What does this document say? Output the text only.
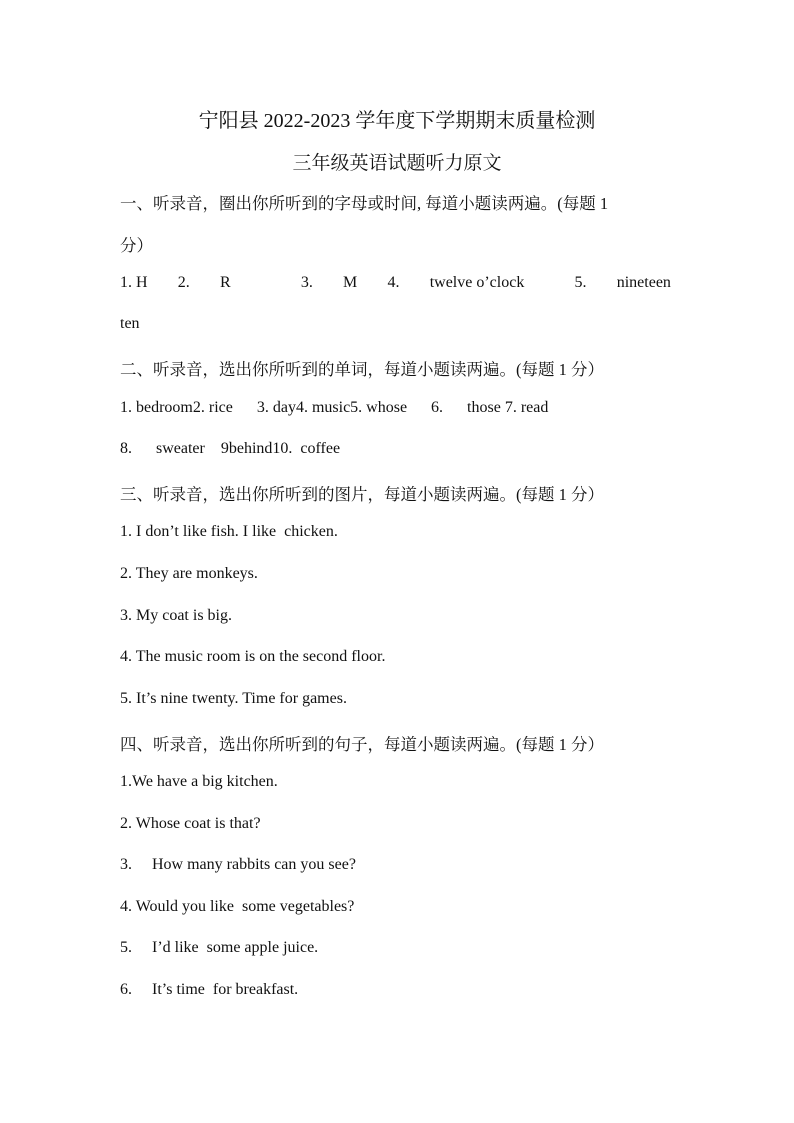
宁阳县 2022-2023 学年度下学期期末质量检测
三年级英语试题听力原文
一、听录音，圈出你所听到的字母或时间, 每道小题读两遍。(每题 1
分）
1. H 2. R	3. M 4. twelve o’clock	5. nineteen
ten
二、听录音，选出你所听到的单词，每道小题读两遍。(每题 1 分）
1. bedroom2. rice      3. day4. music5. whose      6.      those 7. read
8.      sweater    9behind10.  coffee
三、听录音，选出你所听到的图片，每道小题读两遍。(每题 1 分）
1. I don’t like fish. I like  chicken.
2. They are monkeys.
3. My coat is big.
4. The music room is on the second floor.
5. It’s nine twenty. Time for games.
四、听录音，选出你所听到的句子，每道小题读两遍。(每题 1 分）
1.We have a big kitchen.
2. Whose coat is that?
3.     How many rabbits can you see?
4. Would you like  some vegetables?
5.     I’d like  some apple juice.
6.     It’s time  for breakfast.
